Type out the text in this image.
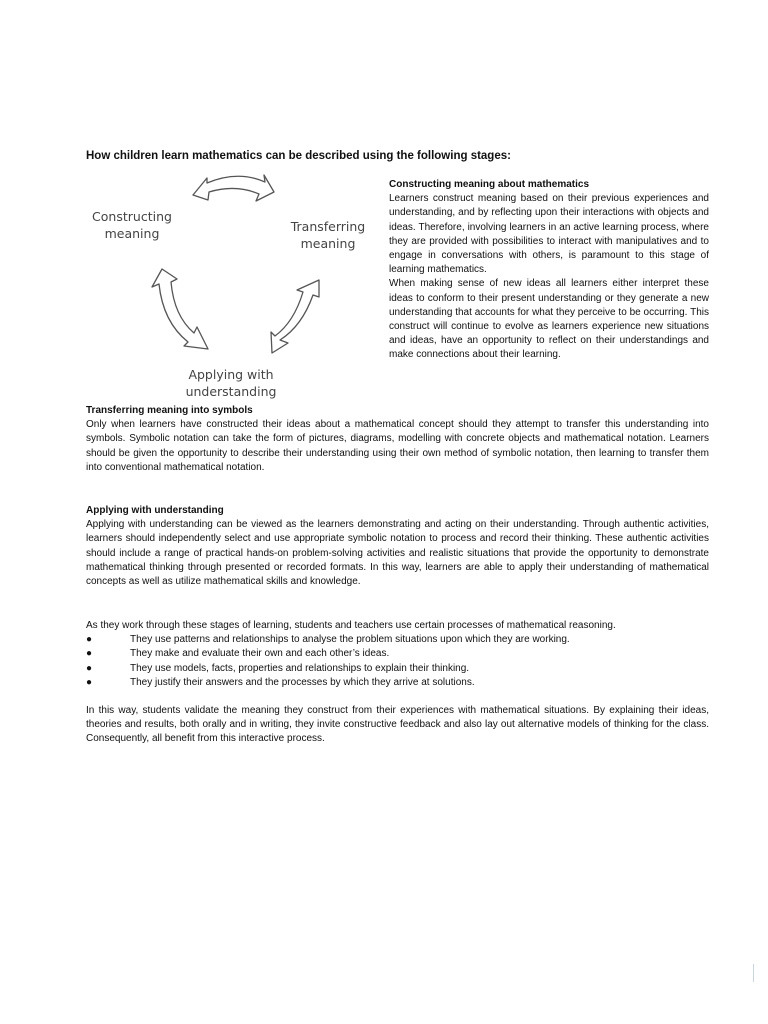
How children learn mathematics can be described using the following stages:
Constructing
meaning	Transferring
meaning
Applying with
understanding

Constructing meaning about mathematics

Learners construct meaning based on their previous experiences and understanding, and by reflecting upon their interactions with objects and ideas. Therefore, involving learners in an active learning process, where they are provided with possibilities to interact with manipulatives and to engage in conversations with others, is paramount to this stage of learning mathematics.

When making sense of new ideas all learners either interpret these ideas to conform to their present understanding or they generate a new understanding that accounts for what they perceive to be occurring. This construct will continue to evolve as learners experience new situations and ideas, have an opportunity to reflect on their understandings and make connections about their learning.

Transferring meaning into symbols

Only when learners have constructed their ideas about a mathematical concept should they attempt to transfer this understanding into symbols. Symbolic notation can take the form of pictures, diagrams, modelling with concrete objects and mathematical notation. Learners should be given the opportunity to describe their understanding using their own method of symbolic notation, then learning to transfer them into conventional mathematical notation.

Applying with understanding

Applying with understanding can be viewed as the learners demonstrating and acting on their understanding. Through authentic activities, learners should independently select and use appropriate symbolic notation to process and record their thinking. These authentic activities should include a range of practical hands-on problem-solving activities and realistic situations that provide the opportunity to demonstrate mathematical thinking through presented or recorded formats. In this way, learners are able to apply their understanding of mathematical concepts as well as utilize mathematical skills and knowledge.

As they work through these stages of learning, students and teachers use certain processes of mathematical reasoning.

●	They use patterns and relationships to analyse the problem situations upon which they are working.
●	They make and evaluate their own and each other’s ideas.
●	They use models, facts, properties and relationships to explain their thinking.
●	They justify their answers and the processes by which they arrive at solutions.

In this way, students validate the meaning they construct from their experiences with mathematical situations. By explaining their ideas, theories and results, both orally and in writing, they invite constructive feedback and also lay out alternative models of thinking for the class. Consequently, all benefit from this interactive process.
